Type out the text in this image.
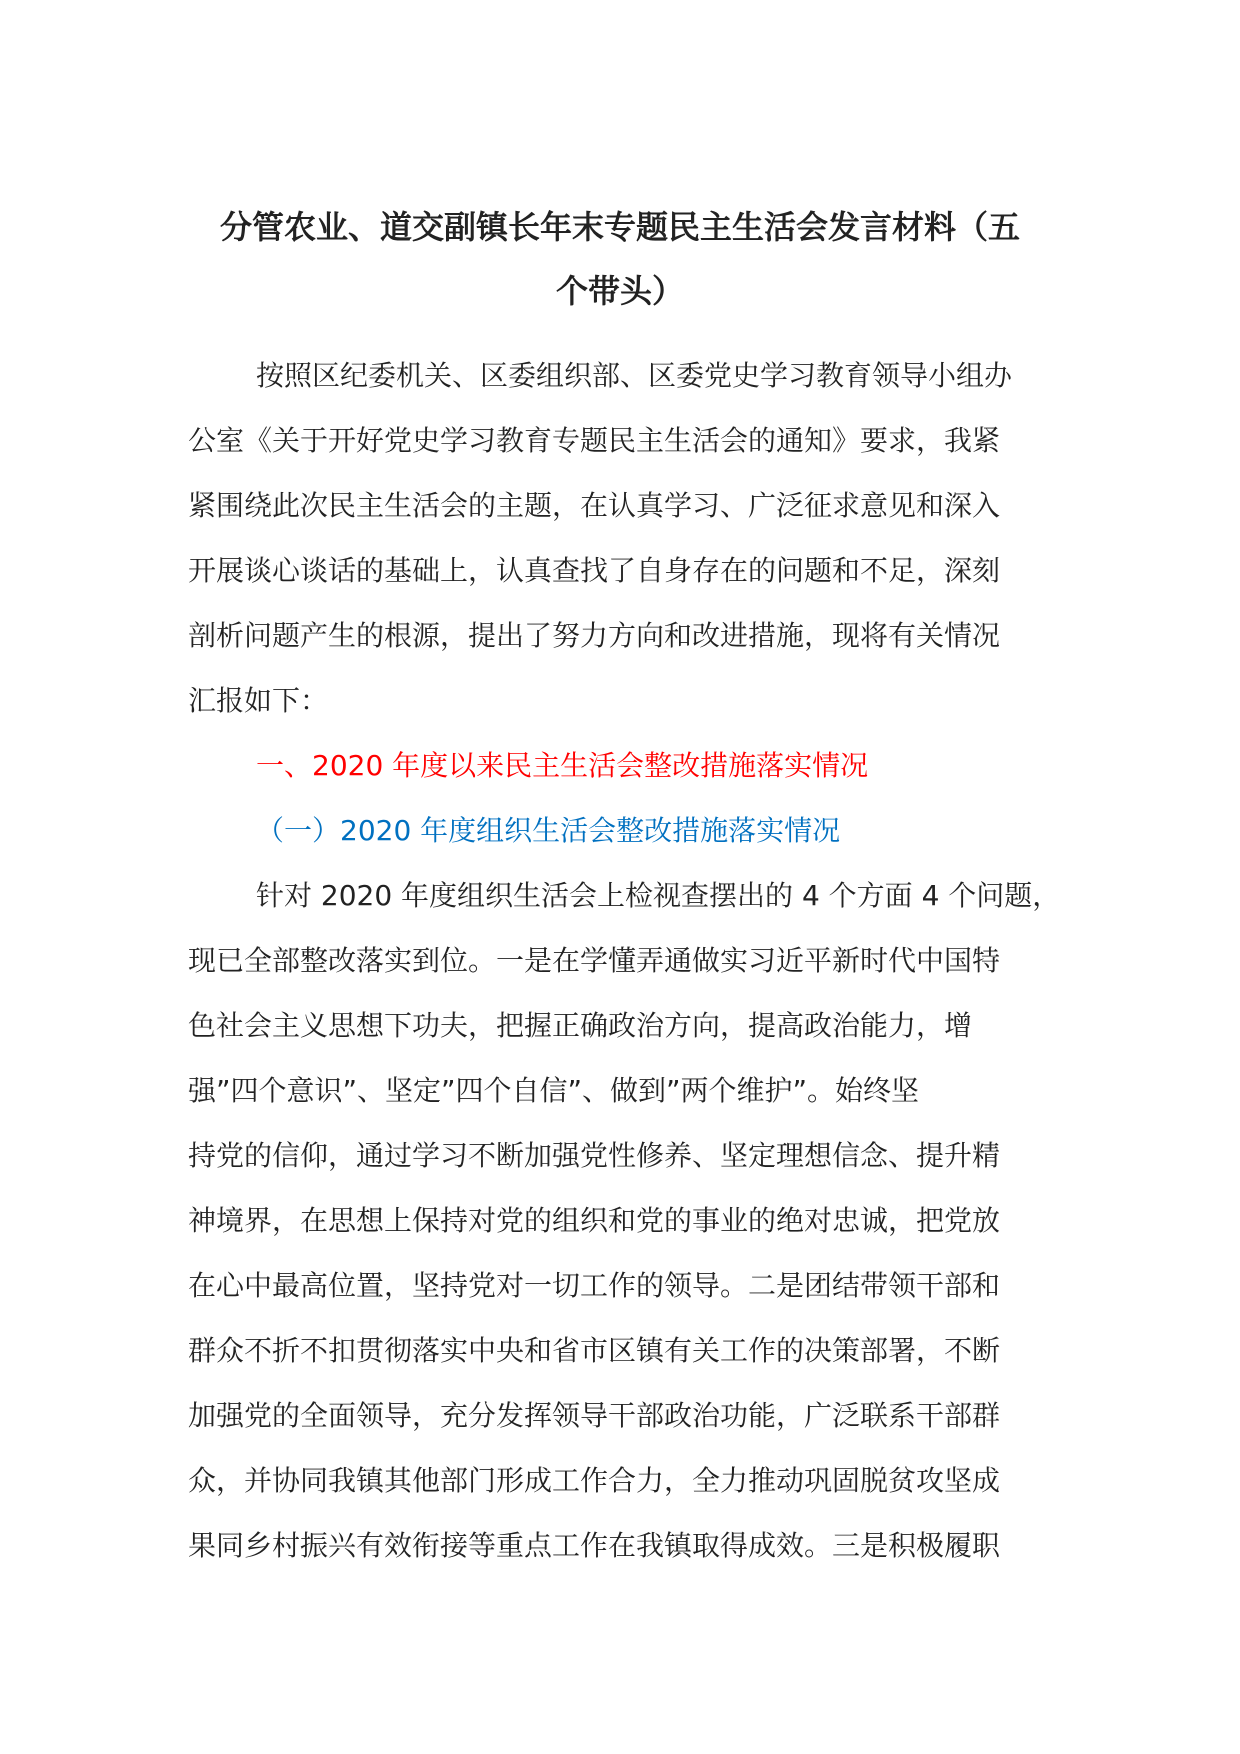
分管农业、道交副镇长年末专题民主生活会发言材料（五
个带头）
按照区纪委机关、区委组织部、区委党史学习教育领导小组办
公室《关于开好党史学习教育专题民主生活会的通知》要求，我紧
紧围绕此次民主生活会的主题，在认真学习、广泛征求意见和深入
开展谈心谈话的基础上，认真查找了自身存在的问题和不足，深刻
剖析问题产生的根源，提出了努力方向和改进措施，现将有关情况
汇报如下：

一、2020 年度以来民主生活会整改措施落实情况

（一）2020 年度组织生活会整改措施落实情况

针对 2020 年度组织生活会上检视查摆出的 4 个方面 4 个问题，
现已全部整改落实到位。一是在学懂弄通做实习近平新时代中国特
色社会主义思想下功夫，把握正确政治方向，提高政治能力，增
强”四个意识”、坚定”四个自信”、做到”两个维护”。始终坚
持党的信仰，通过学习不断加强党性修养、坚定理想信念、提升精
神境界，在思想上保持对党的组织和党的事业的绝对忠诚，把党放
在心中最高位置，坚持党对一切工作的领导。二是团结带领干部和
群众不折不扣贯彻落实中央和省市区镇有关工作的决策部署，不断
加强党的全面领导，充分发挥领导干部政治功能，广泛联系干部群
众，并协同我镇其他部门形成工作合力，全力推动巩固脱贫攻坚成
果同乡村振兴有效衔接等重点工作在我镇取得成效。三是积极履职
